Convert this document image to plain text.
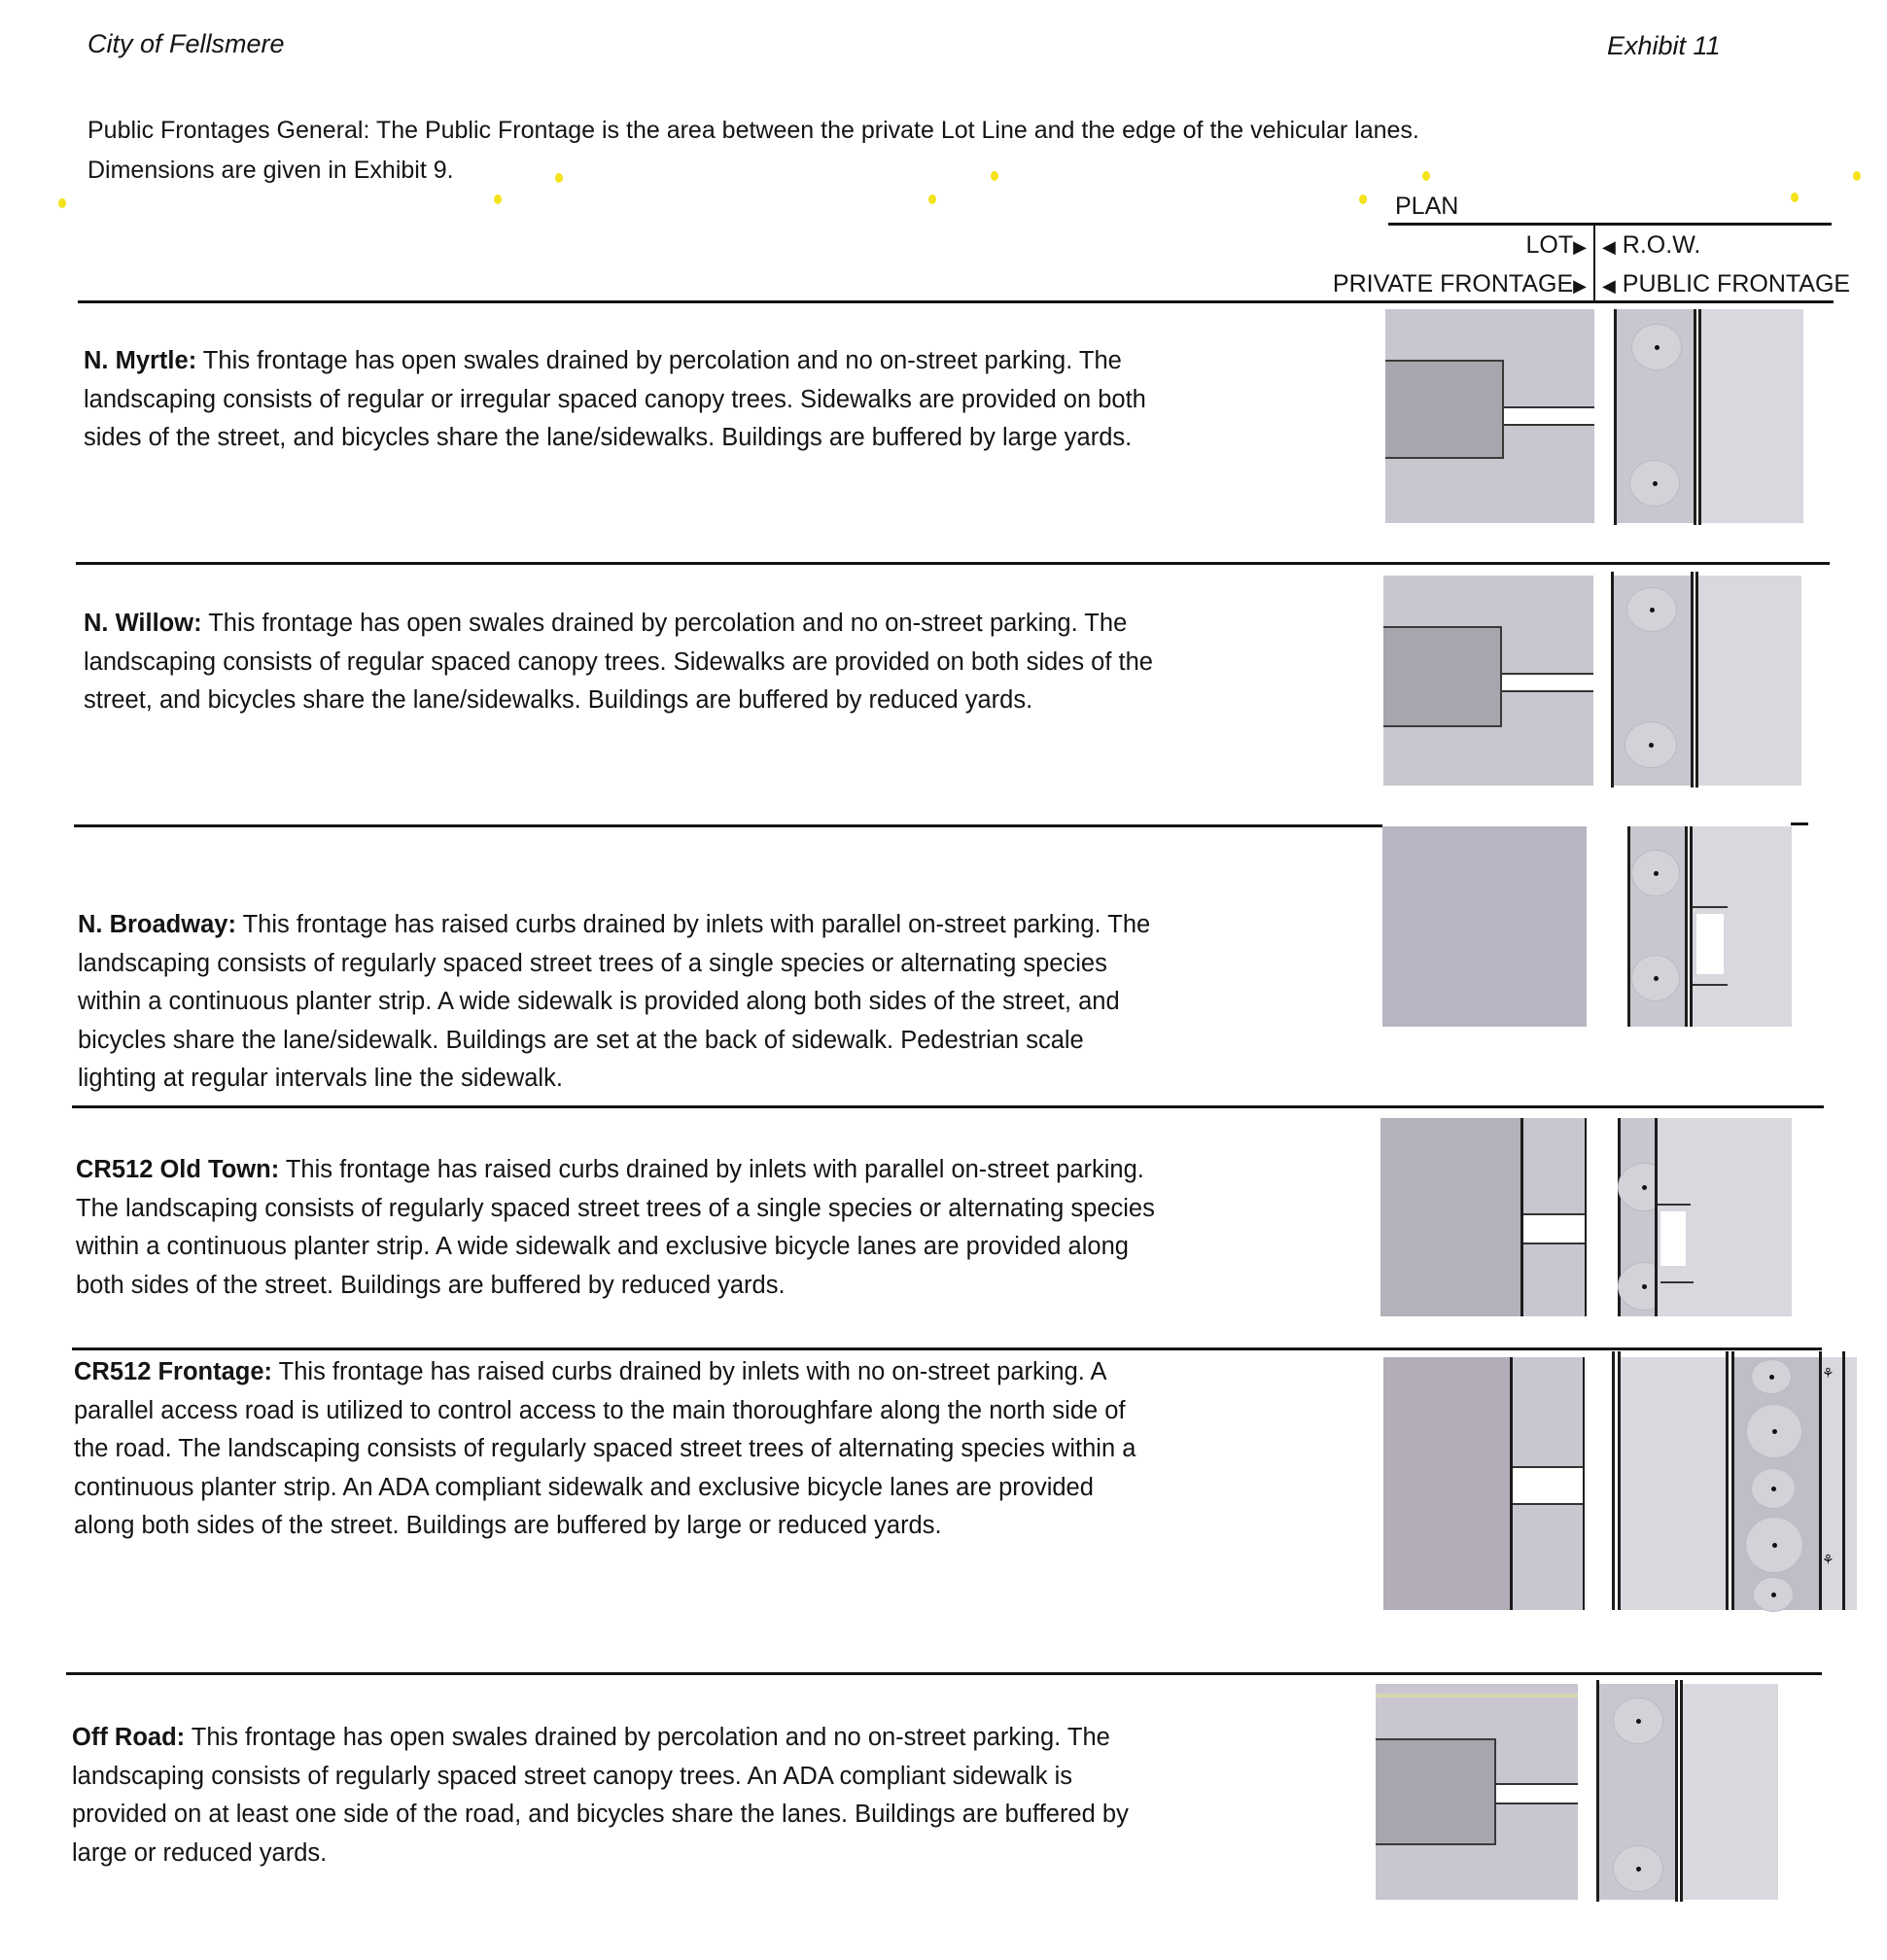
City of Fellsmere	Exhibit 11
Public Frontages General: The Public Frontage is the area between the private Lot Line and the edge of the vehicular lanes.
Dimensions are given in Exhibit 9.
PLAN
LOT▶ ◀ R.O.W.
PRIVATE FRONTAGE▶ ◀ PUBLIC FRONTAGE
N. Myrtle: This frontage has open swales drained by percolation and no on-street parking. The landscaping consists of regular or irregular spaced canopy trees. Sidewalks are provided on both sides of the street, and bicycles share the lane/sidewalks. Buildings are buffered by large yards.
N. Willow: This frontage has open swales drained by percolation and no on-street parking. The landscaping consists of regular spaced canopy trees. Sidewalks are provided on both sides of the street, and bicycles share the lane/sidewalks. Buildings are buffered by reduced yards.
N. Broadway: This frontage has raised curbs drained by inlets with parallel on-street parking. The landscaping consists of regularly spaced street trees of a single species or alternating species within a continuous planter strip. A wide sidewalk is provided along both sides of the street, and bicycles share the lane/sidewalk. Buildings are set at the back of sidewalk. Pedestrian scale lighting at regular intervals line the sidewalk.
CR512 Old Town: This frontage has raised curbs drained by inlets with parallel on-street parking. The landscaping consists of regularly spaced street trees of a single species or alternating species within a continuous planter strip. A wide sidewalk and exclusive bicycle lanes are provided along both sides of the street. Buildings are buffered by reduced yards.
CR512 Frontage: This frontage has raised curbs drained by inlets with no on-street parking. A parallel access road is utilized to control access to the main thoroughfare along the north side of the road. The landscaping consists of regularly spaced street trees of alternating species within a continuous planter strip. An ADA compliant sidewalk and exclusive bicycle lanes are provided along both sides of the street. Buildings are buffered by large or reduced yards.
⚘
⚘
Off Road: This frontage has open swales drained by percolation and no on-street parking. The landscaping consists of regularly spaced street canopy trees. An ADA compliant sidewalk is provided on at least one side of the road, and bicycles share the lanes. Buildings are buffered by large or reduced yards.
